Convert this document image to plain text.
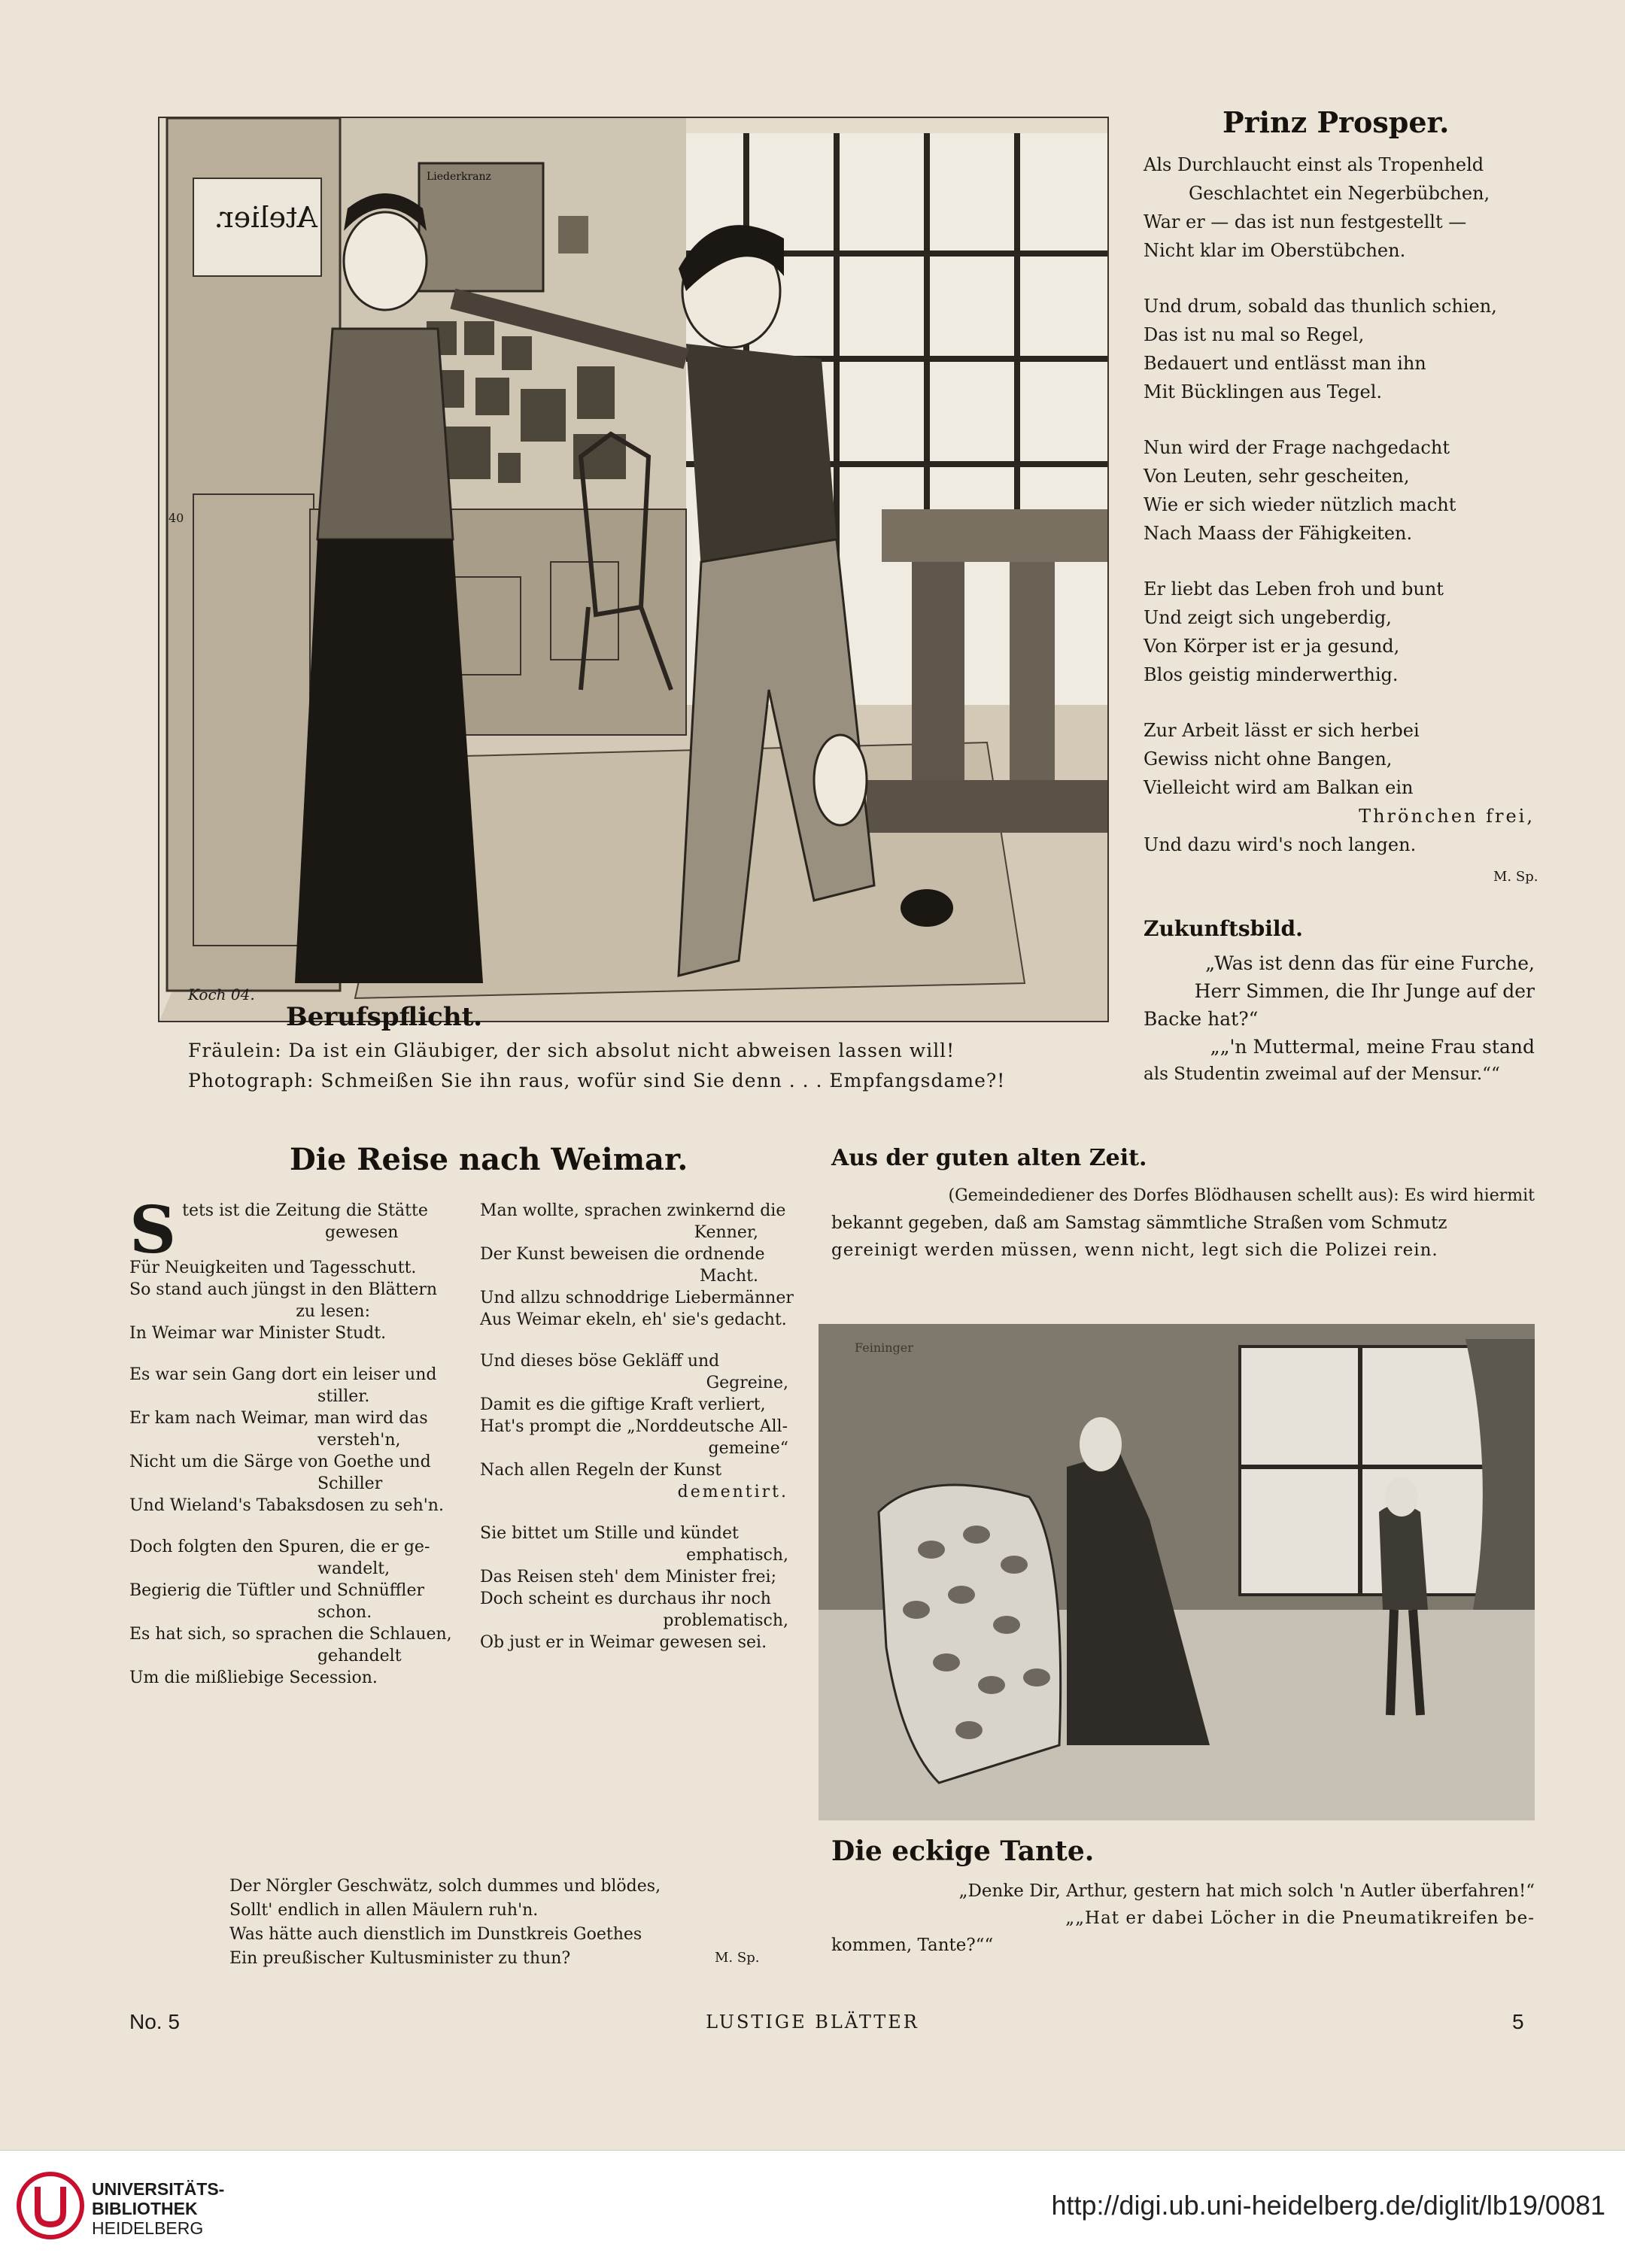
Atelier.
Liederkranz
40
Koch 04.
Berufspflicht.
Fräulein: Da ist ein Gläubiger, der sich absolut nicht abweisen lassen will!
Photograph: Schmeißen Sie ihn raus, wofür sind Sie denn . . . Empfangsdame?!
Prinz Prosper.
Als Durchlaucht einst als Tropenheld
Geschlachtet ein Negerbübchen,
War er — das ist nun festgestellt —
Nicht klar im Oberstübchen.
Und drum, sobald das thunlich schien,
Das ist nu mal so Regel,
Bedauert und entlässt man ihn
Mit Bücklingen aus Tegel.
Nun wird der Frage nachgedacht
Von Leuten, sehr gescheiten,
Wie er sich wieder nützlich macht
Nach Maass der Fähigkeiten.
Er liebt das Leben froh und bunt
Und zeigt sich ungeberdig,
Von Körper ist er ja gesund,
Blos geistig minderwerthig.
Zur Arbeit lässt er sich herbei
Gewiss nicht ohne Bangen,
Vielleicht wird am Balkan ein
Thrönchen frei,
Und dazu wird's noch langen.
M. Sp.
Zukunftsbild.
„Was ist denn das für eine Furche,
Herr Simmen, die Ihr Junge auf der
Backe hat?“
„„'n Muttermal, meine Frau stand
als Studentin zweimal auf der Mensur.““
Die Reise nach Weimar.
Stets ist die Zeitung die Stätte
gewesen
Für Neuigkeiten und Tagesschutt.
So stand auch jüngst in den Blättern
zu lesen:
In Weimar war Minister Studt.
Es war sein Gang dort ein leiser und
stiller.
Er kam nach Weimar, man wird das
versteh'n,
Nicht um die Särge von Goethe und
Schiller
Und Wieland's Tabaksdosen zu seh'n.
Doch folgten den Spuren, die er ge-
wandelt,
Begierig die Tüftler und Schnüffler
schon.
Es hat sich, so sprachen die Schlauen,
gehandelt
Um die mißliebige Secession.
Man wollte, sprachen zwinkernd die
Kenner,
Der Kunst beweisen die ordnende
Macht.
Und allzu schnoddrige Liebermänner
Aus Weimar ekeln, eh' sie's gedacht.
Und dieses böse Gekläff und
Gegreine,
Damit es die giftige Kraft verliert,
Hat's prompt die „Norddeutsche All-
gemeine“
Nach allen Regeln der Kunst
dementirt.
Sie bittet um Stille und kündet
emphatisch,
Das Reisen steh' dem Minister frei;
Doch scheint es durchaus ihr noch
problematisch,
Ob just er in Weimar gewesen sei.
Der Nörgler Geschwätz, solch dummes und blödes,
Sollt' endlich in allen Mäulern ruh'n.
Was hätte auch dienstlich im Dunstkreis Goethes
Ein preußischer Kultusminister zu thun?	M. Sp.
Aus der guten alten Zeit.
(Gemeindediener des Dorfes Blödhausen schellt aus): Es wird hiermit
bekannt gegeben, daß am Samstag sämmtliche Straßen vom Schmutz
gereinigt werden müssen, wenn nicht, legt sich die Polizei rein.
Feininger
Die eckige Tante.
„Denke Dir, Arthur, gestern hat mich solch 'n Autler überfahren!“
„„Hat er dabei Löcher in die Pneumatikreifen be-
kommen, Tante?““
No. 5	LUSTIGE BLÄTTER	5
UNIVERSITÄTS-
BIBLIOTHEK
HEIDELBERG
http://digi.ub.uni-heidelberg.de/diglit/lb19/0081
